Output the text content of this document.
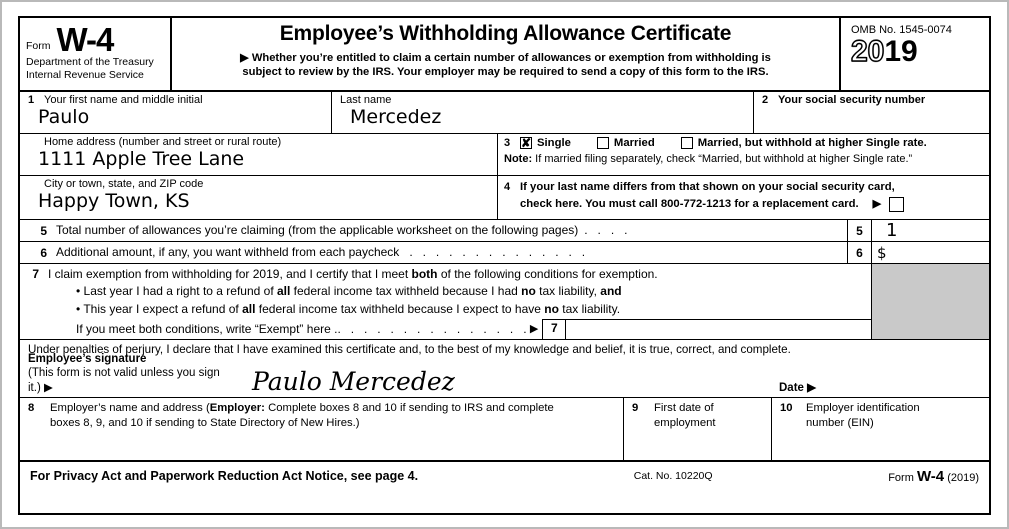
Form W-4
Department of the Treasury
Internal Revenue Service
Employee’s Withholding Allowance Certificate
▶ Whether you’re entitled to claim a certain number of allowances or exemption from withholding is
subject to review by the IRS. Your employer may be required to send a copy of this form to the IRS.
OMB No. 1545-0074
2019
1 Your first name and middle initial
Paulo
Last name
Mercedez
2 Your social security number
Home address (number and street or rural route)
1111 Apple Tree Lane
3 ✘	Single	Married	Married, but withhold at higher Single rate.
Note: If married filing separately, check “Married, but withhold at higher Single rate.”
City or town, state, and ZIP code
Happy Town, KS
4 If your last name differs from that shown on your social security card,
check here. You must call 800-772-1213 for a replacement card. ▶
5 Total number of allowances you’re claiming (from the applicable worksheet on the following pages) . . . .	5	1
6 Additional amount, if any, you want withheld from each paycheck . . . . . . . . . . . . . .	6 $
7 I claim exemption from withholding for 2019, and I certify that I meet both of the following conditions for exemption.
• Last year I had a right to a refund of all federal income tax withheld because I had no tax liability, and
• This year I expect a refund of all federal income tax withheld because I expect to have no tax liability.
If you meet both conditions, write “Exempt” here . . . . . . . . . . . . . . . . ▶	7
Under penalties of perjury, I declare that I have examined this certificate and, to the best of my knowledge and belief, it is true, correct, and complete.
Employee’s signature
(This form is not valid unless you sign it.) ▶	Paulo Mercedez	Date ▶
8	Employer’s name and address (Employer: Complete boxes 8 and 10 if sending to IRS and complete
boxes 8, 9, and 10 if sending to State Directory of New Hires.)
9	First date of
employment
10	Employer identification
number (EIN)
For Privacy Act and Paperwork Reduction Act Notice, see page 4.	Cat. No. 10220Q	Form W-4 (2019)
